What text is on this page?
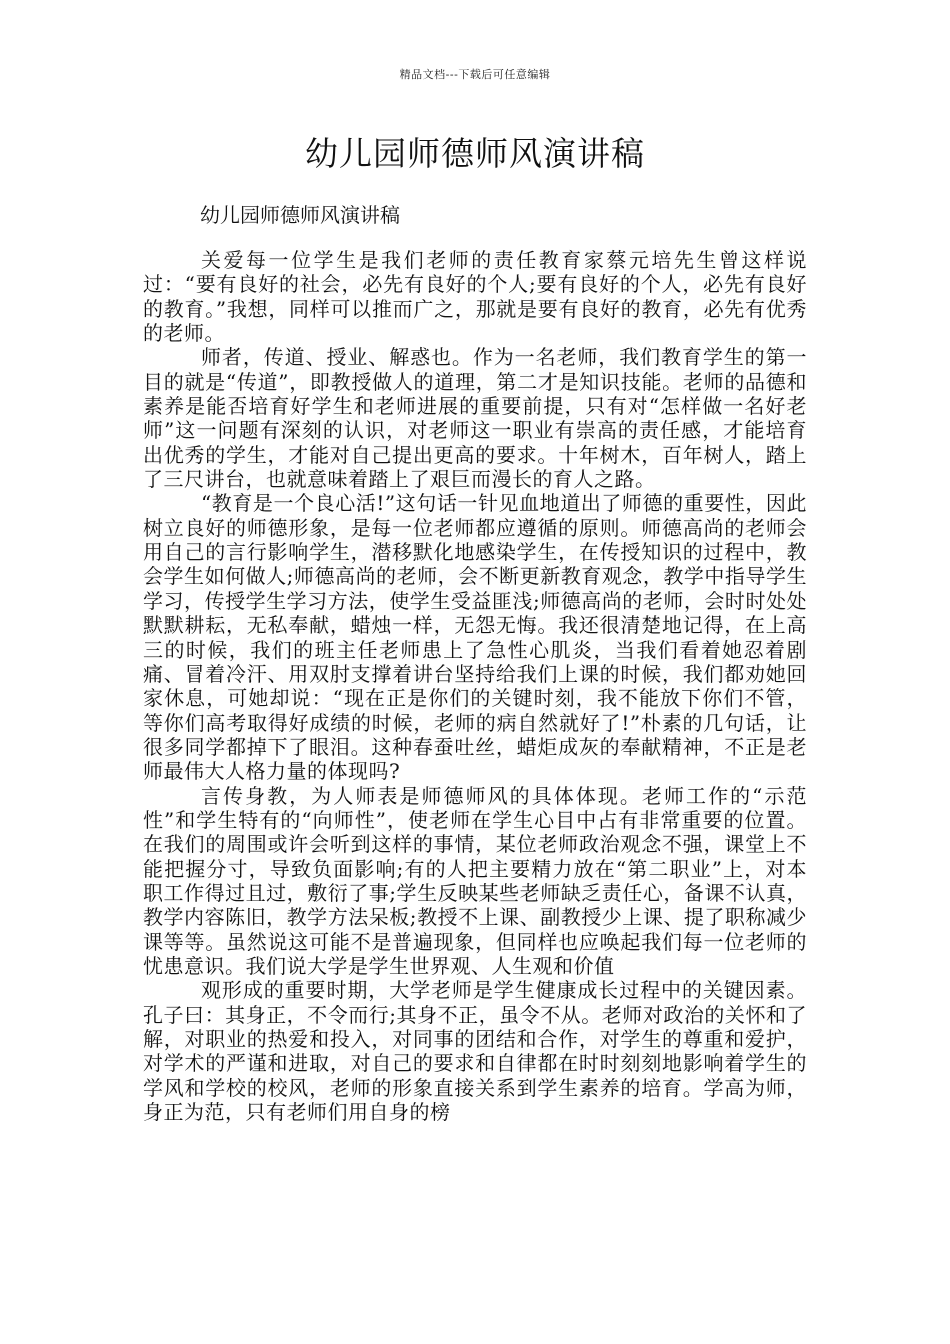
精品文档---下载后可任意编辑
幼儿园师德师风演讲稿

幼儿园师德师风演讲稿

关爱每一位学生是我们老师的责任教育家蔡元培先生曾这样说过：“要有良好的社会，必先有良好的个人;要有良好的个人，必先有良好的教育。”我想，同样可以推而广之，那就是要有良好的教育，必先有优秀的老师。

师者，传道、授业、解惑也。作为一名老师，我们教育学生的第一目的就是“传道”，即教授做人的道理，第二才是知识技能。老师的品德和素养是能否培育好学生和老师进展的重要前提，只有对“怎样做一名好老师”这一问题有深刻的认识，对老师这一职业有崇高的责任感，才能培育出优秀的学生，才能对自己提出更高的要求。十年树木，百年树人，踏上了三尺讲台，也就意味着踏上了艰巨而漫长的育人之路。

“教育是一个良心活!”这句话一针见血地道出了师德的重要性，因此树立良好的师德形象，是每一位老师都应遵循的原则。师德高尚的老师会用自己的言行影响学生，潜移默化地感染学生，在传授知识的过程中，教会学生如何做人;师德高尚的老师，会不断更新教育观念，教学中指导学生学习，传授学生学习方法，使学生受益匪浅;师德高尚的老师，会时时处处默默耕耘，无私奉献，蜡烛一样，无怨无悔。我还很清楚地记得，在上高三的时候，我们的班主任老师患上了急性心肌炎，当我们看着她忍着剧痛、冒着冷汗、用双肘支撑着讲台坚持给我们上课的时候，我们都劝她回家休息，可她却说：“现在正是你们的关键时刻，我不能放下你们不管，等你们高考取得好成绩的时候，老师的病自然就好了!”朴素的几句话，让很多同学都掉下了眼泪。这种春蚕吐丝，蜡炬成灰的奉献精神，不正是老师最伟大人格力量的体现吗?

言传身教，为人师表是师德师风的具体体现。老师工作的“示范性”和学生特有的“向师性”，使老师在学生心目中占有非常重要的位置。在我们的周围或许会听到这样的事情，某位老师政治观念不强，课堂上不能把握分寸，导致负面影响;有的人把主要精力放在“第二职业”上，对本职工作得过且过，敷衍了事;学生反映某些老师缺乏责任心，备课不认真，教学内容陈旧，教学方法呆板;教授不上课、副教授少上课、提了职称减少课等等。虽然说这可能不是普遍现象，但同样也应唤起我们每一位老师的忧患意识。我们说大学是学生世界观、人生观和价值

观形成的重要时期，大学老师是学生健康成长过程中的关键因素。孔子曰：其身正，不令而行;其身不正，虽令不从。老师对政治的关怀和了解，对职业的热爱和投入，对同事的团结和合作，对学生的尊重和爱护，对学术的严谨和进取，对自己的要求和自律都在时时刻刻地影响着学生的学风和学校的校风，老师的形象直接关系到学生素养的培育。学高为师，身正为范，只有老师们用自身的榜
